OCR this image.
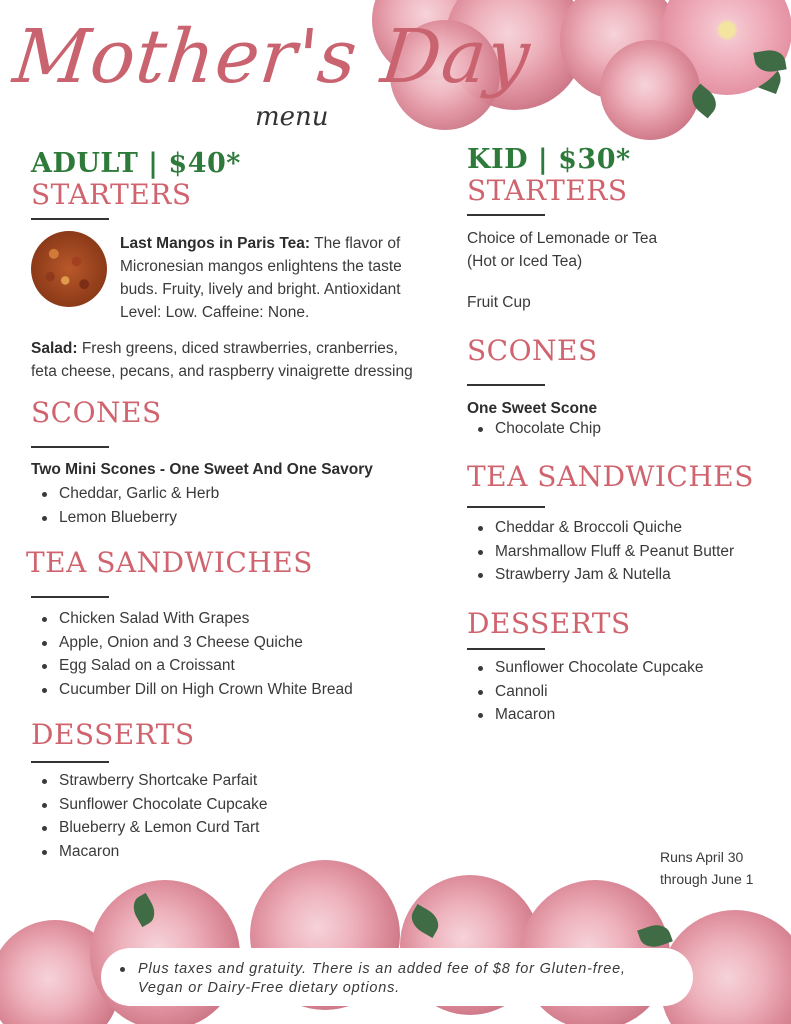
Mother's Day
menu
ADULT | $40*
STARTERS
Last Mangos in Paris Tea: The flavor of
Micronesian mangos enlightens the taste
buds. Fruity, lively and bright. Antioxidant
Level: Low. Caffeine: None.
Salad: Fresh greens, diced strawberries, cranberries,
feta cheese, pecans, and raspberry vinaigrette dressing
SCONES
Two Mini Scones - One Sweet And One Savory
Cheddar, Garlic & Herb
Lemon Blueberry
TEA SANDWICHES
Chicken Salad With Grapes
Apple, Onion and 3 Cheese Quiche
Egg Salad on a Croissant
Cucumber Dill on High Crown White Bread
DESSERTS
Strawberry Shortcake Parfait
Sunflower Chocolate Cupcake
Blueberry & Lemon Curd Tart
Macaron
KID | $30*
STARTERS
Choice of Lemonade or Tea
(Hot or Iced Tea)
Fruit Cup
SCONES
One Sweet Scone
Chocolate Chip
TEA SANDWICHES
Cheddar & Broccoli Quiche
Marshmallow Fluff & Peanut Butter
Strawberry Jam & Nutella
DESSERTS
Sunflower Chocolate Cupcake
Cannoli
Macaron
Runs April 30
through June 1
Plus taxes and gratuity. There is an added fee of $8 for Gluten-free,
Vegan or Dairy-Free dietary options.
